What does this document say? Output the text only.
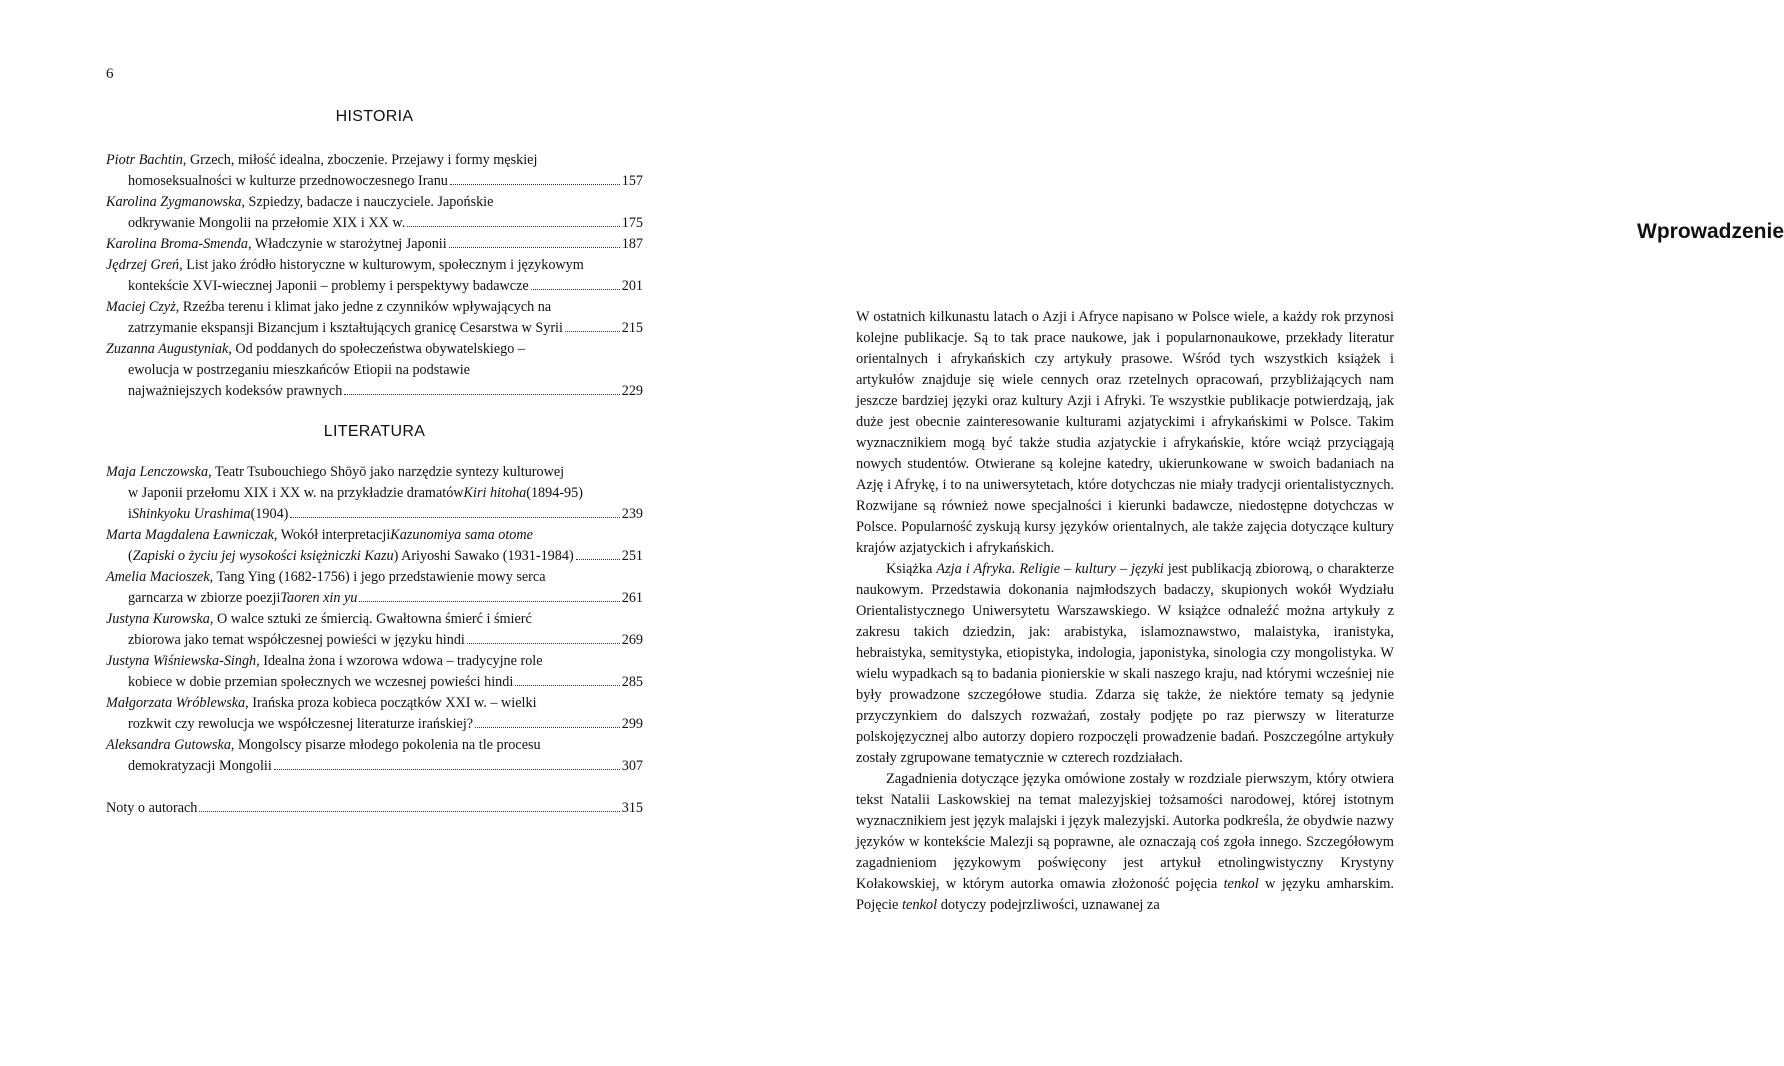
6
HISTORIA
Piotr Bachtin , Grzech, miłość idealna, zboczenie. Przejawy i formy męskiej
homoseksualności w kulturze przednowoczesnego Iranu	157
Karolina Zygmanowska , Szpiedzy, badacze i nauczyciele. Japońskie
odkrywanie Mongolii na przełomie XIX i XX w.	175
Karolina Broma-Smenda , Władczynie w starożytnej Japonii	187
Jędrzej Greń , List jako źródło historyczne w kulturowym, społecznym i językowym
kontekście XVI-wiecznej Japonii – problemy i perspektywy badawcze	201
Maciej Czyż , Rzeźba terenu i klimat jako jedne z czynników wpływających na
zatrzymanie ekspansji Bizancjum i kształtujących granicę Cesarstwa w Syrii	215
Zuzanna Augustyniak , Od poddanych do społeczeństwa obywatelskiego –
ewolucja w postrzeganiu mieszkańców Etiopii na podstawie
najważniejszych kodeksów prawnych	229
LITERATURA
Maja Lenczowska , Teatr Tsubouchiego Shōyō jako narzędzie syntezy kulturowej
w Japonii przełomu XIX i XX w. na przykładzie dramatów Kiri hitoha (1894-95)
i Shinkyoku Urashima (1904)	239
Marta Magdalena Ławniczak , Wokół interpretacji Kazunomiya sama otome
( Zapiski o życiu jej wysokości księżniczki Kazu ) Ariyoshi Sawako (1931-1984)	251
Amelia Macioszek , Tang Ying (1682-1756) i jego przedstawienie mowy serca
garncarza w zbiorze poezji Taoren xin yu	261
Justyna Kurowska , O walce sztuki ze śmiercią. Gwałtowna śmierć i śmierć
zbiorowa jako temat współczesnej powieści w języku hindi	269
Justyna Wiśniewska-Singh , Idealna żona i wzorowa wdowa – tradycyjne role
kobiece w dobie przemian społecznych we wczesnej powieści hindi	285
Małgorzata Wróblewska , Irańska proza kobieca początków XXI w. – wielki
rozkwit czy rewolucja we współczesnej literaturze irańskiej?	299
Aleksandra Gutowska , Mongolscy pisarze młodego pokolenia na tle procesu
demokratyzacji Mongolii	307
Noty o autorach	315
Wprowadzenie

W ostatnich kilkunastu latach o Azji i Afryce napisano w Polsce wiele, a każdy rok przynosi kolejne publikacje. Są to tak prace naukowe, jak i popularnonaukowe, przekłady literatur orientalnych i afrykańskich czy artykuły prasowe. Wśród tych wszystkich książek i artykułów znajduje się wiele cennych oraz rzetelnych opracowań, przybliżających nam jeszcze bardziej języki oraz kultury Azji i Afryki. Te wszystkie publikacje potwierdzają, jak duże jest obecnie zainteresowanie kulturami azjatyckimi i afrykańskimi w Polsce. Takim wyznacznikiem mogą być także studia azjatyckie i afrykańskie, które wciąż przyciągają nowych studentów. Otwierane są kolejne katedry, ukierunkowane w swoich badaniach na Azję i Afrykę, i to na uniwersytetach, które dotychczas nie miały tradycji orientalistycznych. Rozwijane są również nowe specjalności i kierunki badawcze, niedostępne dotychczas w Polsce. Popularność zyskują kursy języków orientalnych, ale także zajęcia dotyczące kultury krajów azjatyckich i afrykańskich.

Książka Azja i Afryka. Religie – kultury – języki jest publikacją zbiorową, o charakterze naukowym. Przedstawia dokonania najmłodszych badaczy, skupionych wokół Wydziału Orientalistycznego Uniwersytetu Warszawskiego. W książce odnaleźć można artykuły z zakresu takich dziedzin, jak: arabistyka, islamoznawstwo, malaistyka, iranistyka, hebraistyka, semitystyka, etiopistyka, indologia, japonistyka, sinologia czy mongolistyka. W wielu wypadkach są to badania pionierskie w skali naszego kraju, nad którymi wcześniej nie były prowadzone szczegółowe studia. Zdarza się także, że niektóre tematy są jedynie przyczynkiem do dalszych rozważań, zostały podjęte po raz pierwszy w literaturze polskojęzycznej albo autorzy dopiero rozpoczęli prowadzenie badań. Poszczególne artykuły zostały zgrupowane tematycznie w czterech rozdziałach.

Zagadnienia dotyczące języka omówione zostały w rozdziale pierwszym, który otwiera tekst Natalii Laskowskiej na temat malezyjskiej tożsamości narodowej, której istotnym wyznacznikiem jest język malajski i język malezyjski. Autorka podkreśla, że obydwie nazwy języków w kontekście Malezji są poprawne, ale oznaczają coś zgoła innego. Szczegółowym zagadnieniom językowym poświęcony jest artykuł etnolingwistyczny Krystyny Kołakowskiej, w którym autorka omawia złożoność pojęcia tenkol w języku amharskim. Pojęcie tenkol dotyczy podejrzliwości, uznawanej za
